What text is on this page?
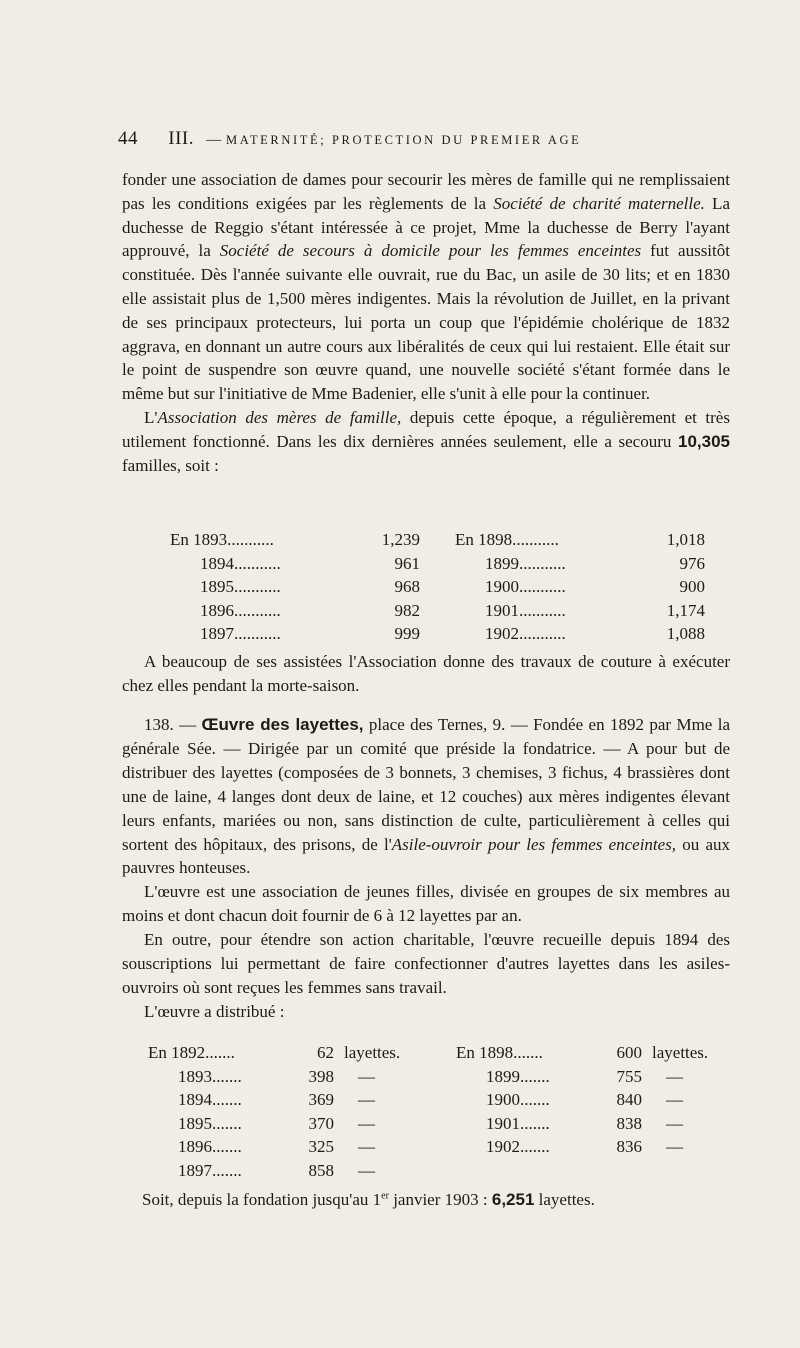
44 III. — MATERNITÉ; PROTECTION DU PREMIER AGE

fonder une association de dames pour secourir les mères de famille qui ne remplissaient pas les conditions exigées par les règlements de la Société de charité maternelle. La duchesse de Reggio s'étant intéressée à ce projet, Mme la duchesse de Berry l'ayant approuvé, la Société de secours à domicile pour les femmes enceintes fut aussitôt constituée. Dès l'année suivante elle ouvrait, rue du Bac, un asile de 30 lits; et en 1830 elle assistait plus de 1,500 mères indigentes. Mais la révolution de Juillet, en la privant de ses principaux protecteurs, lui porta un coup que l'épidémie cholérique de 1832 aggrava, en donnant un autre cours aux libéralités de ceux qui lui restaient. Elle était sur le point de suspendre son œuvre quand, une nouvelle société s'étant formée dans le même but sur l'initiative de Mme Badenier, elle s'unit à elle pour la continuer.

L'Association des mères de famille, depuis cette époque, a régulièrement et très utilement fonctionné. Dans les dix dernières années seulement, elle a secouru 10,305 familles, soit :

En 1893...........	1,239
1894...........	961
1895...........	968
1896...........	982
1897...........	999
En 1898...........	1,018
1899...........	976
1900...........	900
1901...........	1,174
1902...........	1,088

A beaucoup de ses assistées l'Association donne des travaux de couture à exécuter chez elles pendant la morte-saison.

138. — Œuvre des layettes, place des Ternes, 9. — Fondée en 1892 par Mme la générale Sée. — Dirigée par un comité que préside la fondatrice. — A pour but de distribuer des layettes (composées de 3 bonnets, 3 chemises, 3 fichus, 4 brassières dont une de laine, 4 langes dont deux de laine, et 12 couches) aux mères indigentes élevant leurs enfants, mariées ou non, sans distinction de culte, particulièrement à celles qui sortent des hôpitaux, des prisons, de l'Asile-ouvroir pour les femmes enceintes, ou aux pauvres honteuses.

L'œuvre est une association de jeunes filles, divisée en groupes de six membres au moins et dont chacun doit fournir de 6 à 12 layettes par an.

En outre, pour étendre son action charitable, l'œuvre recueille depuis 1894 des souscriptions lui permettant de faire confectionner d'autres layettes dans les asiles-ouvroirs où sont reçues les femmes sans travail.

L'œuvre a distribué :

En 1892.......	62 layettes.
1893.......	398	—
1894.......	369	—
1895.......	370	—
1896.......	325	—
1897.......	858	—
En 1898.......	600 layettes.
1899.......	755	—
1900.......	840	—
1901.......	838	—
1902.......	836	—
Soit, depuis la fondation jusqu'au 1er janvier 1903 : 6,251 layettes.
